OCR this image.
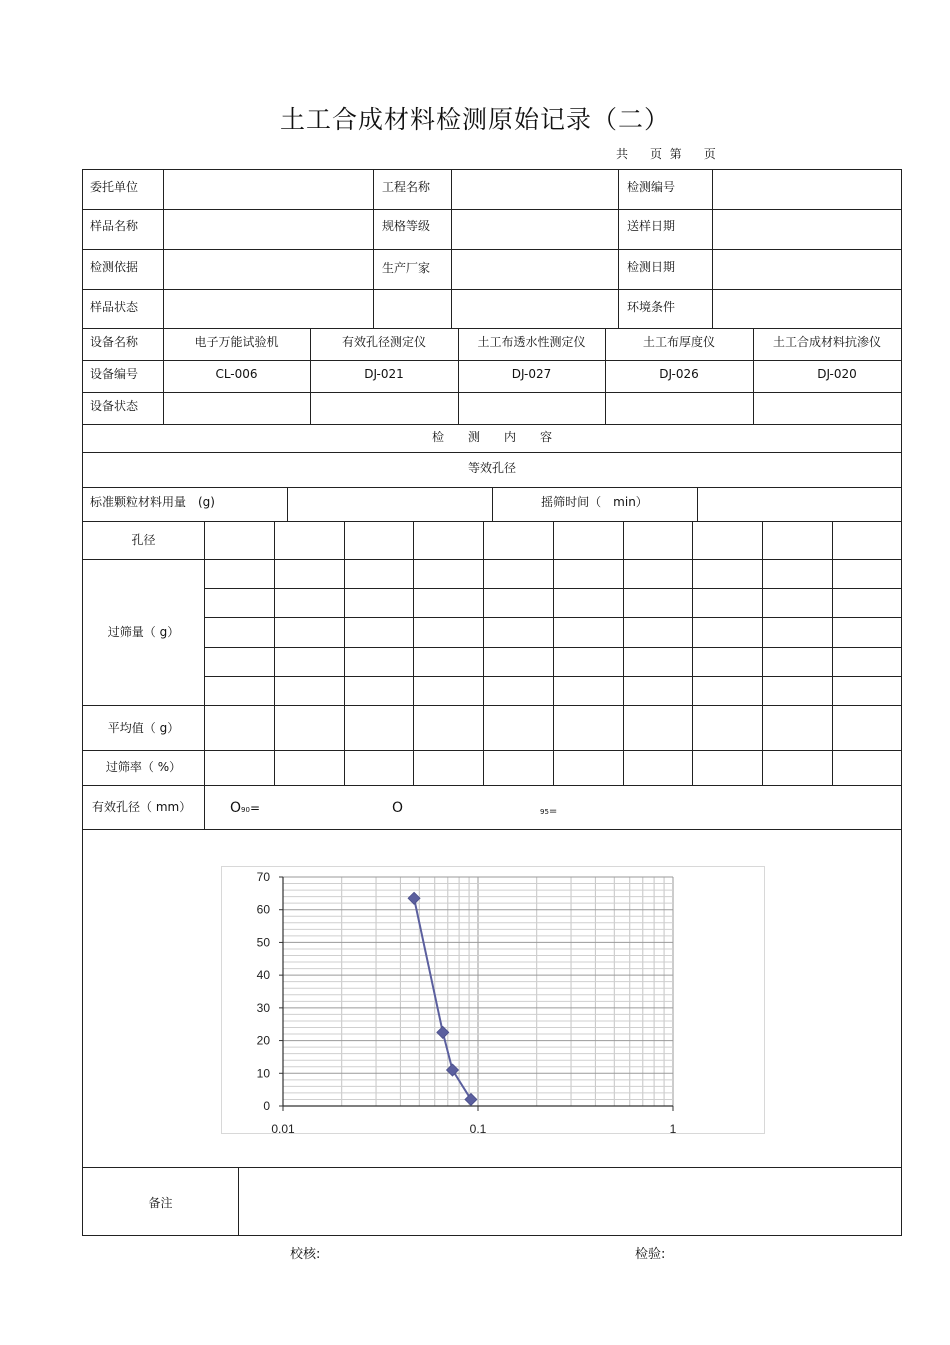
土工合成材料检测原始记录（二）
共 页 第 页
委托单位	工程名称	检测编号
样品名称	规格等级	送样日期
检测依据	生产厂家	检测日期
样品状态	环境条件
设备名称	电子万能试验机	有效孔径测定仪	土工布透水性测定仪	土工布厚度仪	土工合成材料抗渗仪
设备编号	CL-006	DJ-021	DJ-027	DJ-026	DJ-020
设备状态
检　　测　　内　　容
等效孔径
标准颗粒材料用量　(g)	摇筛时间（　min）
孔径
过筛量（ g）
平均值（ g）
过筛率（ %）
有效孔径（ mm）	O90=	O	95=
0
10
20
30
40
50
60
70
0.01	0.1	1
备注
校核:	检验:
